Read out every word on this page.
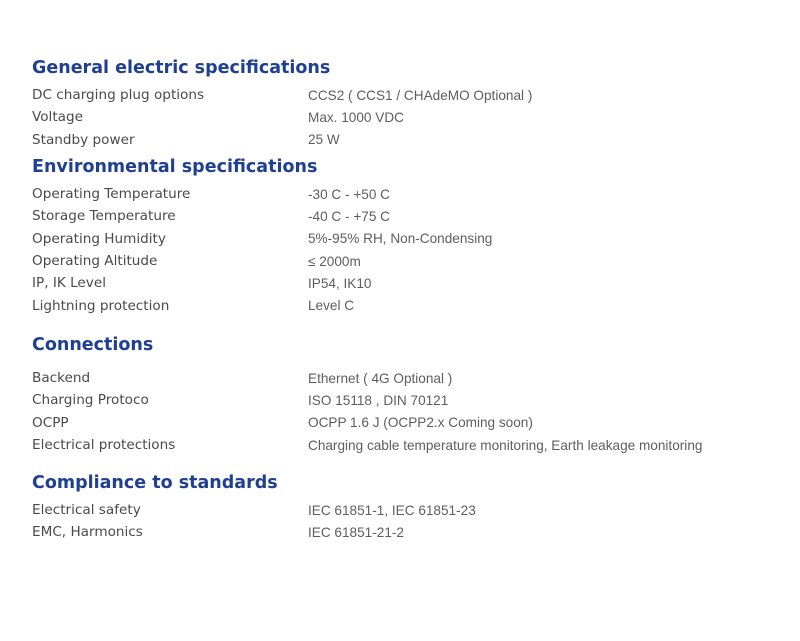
General electric specifications
DC charging plug options	CCS2 ( CCS1 / CHAdeMO Optional )
Voltage	Max. 1000 VDC
Standby power	25 W
Environmental specifications
Operating Temperature	-30 C - +50 C
Storage Temperature	-40 C - +75 C
Operating Humidity	5%-95% RH, Non-Condensing
Operating Altitude	≤ 2000m
IP, IK Level	IP54, IK10
Lightning protection	Level C
Connections
Backend	Ethernet ( 4G Optional )
Charging Protoco	ISO 15118 , DIN 70121
OCPP	OCPP 1.6 J (OCPP2.x Coming soon)
Electrical protections	Charging cable temperature monitoring, Earth leakage monitoring
Compliance to standards
Electrical safety	IEC 61851-1, IEC 61851-23
EMC, Harmonics	IEC 61851-21-2
